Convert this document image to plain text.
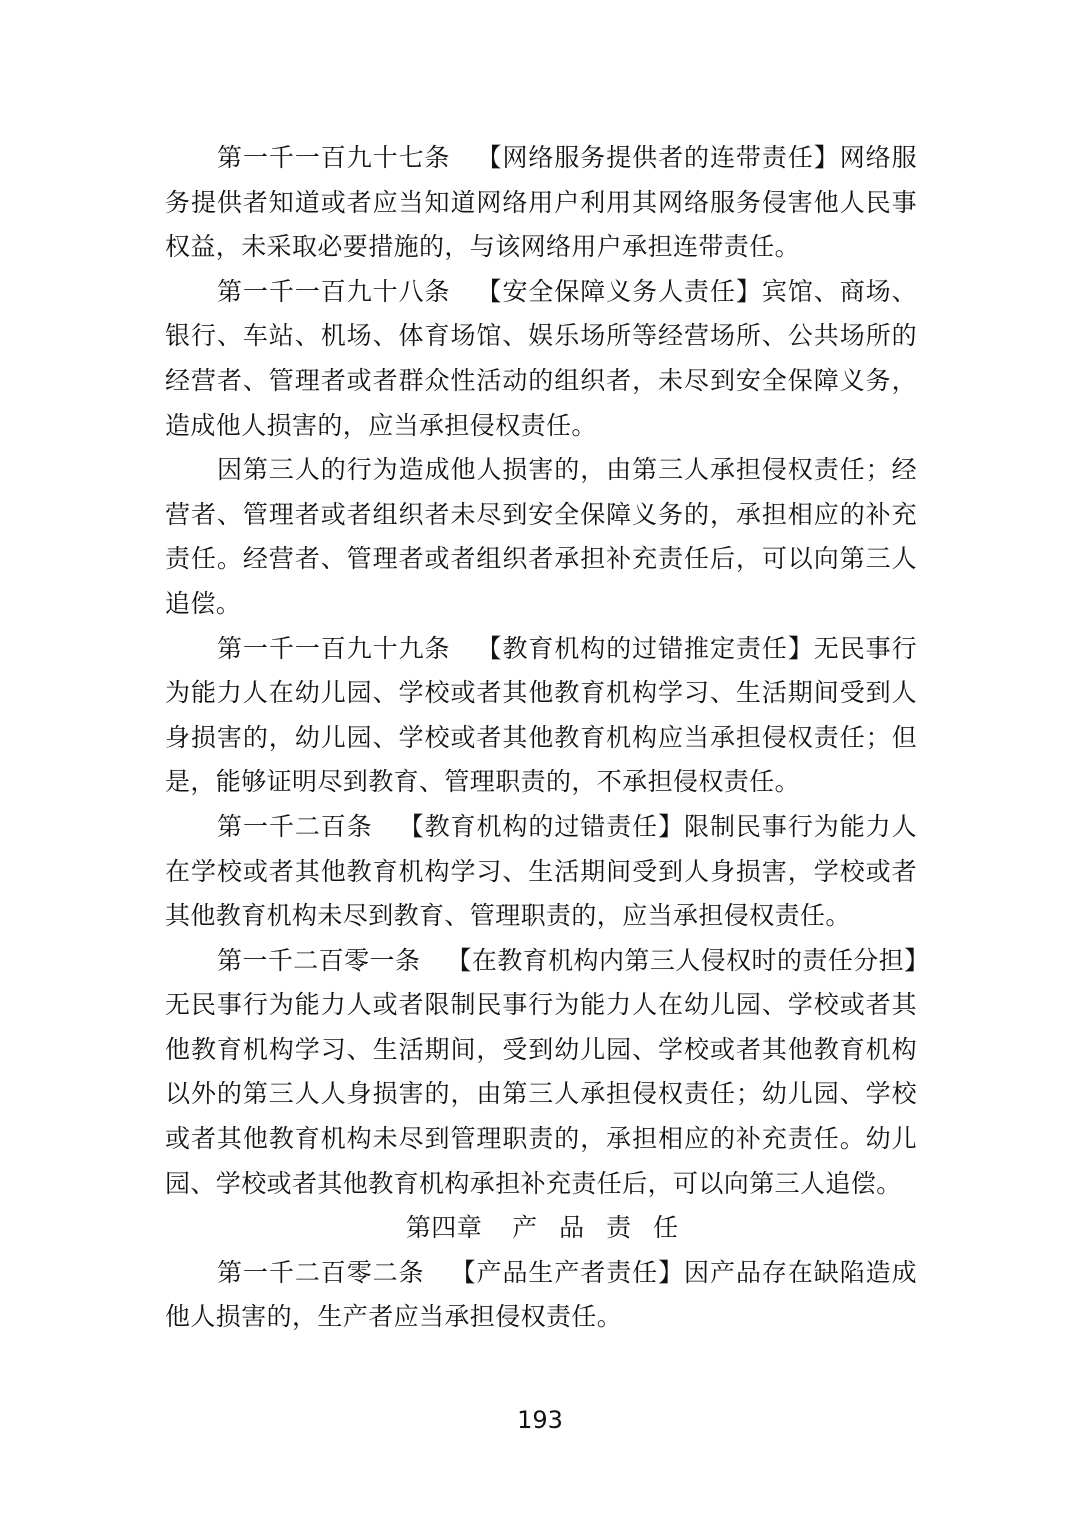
第一千一百九十七条 【网络服务提供者的连带责任】网络服务提供者知道或者应当知道网络用户利用其网络服务侵害他人民事权益，未采取必要措施的，与该网络用户承担连带责任。

第一千一百九十八条 【安全保障义务人责任】宾馆、商场、银行、车站、机场、体育场馆、娱乐场所等经营场所、公共场所的经营者、管理者或者群众性活动的组织者，未尽到安全保障义务，造成他人损害的，应当承担侵权责任。

因第三人的行为造成他人损害的，由第三人承担侵权责任；经营者、管理者或者组织者未尽到安全保障义务的，承担相应的补充责任。经营者、管理者或者组织者承担补充责任后，可以向第三人追偿。

第一千一百九十九条 【教育机构的过错推定责任】无民事行为能力人在幼儿园、学校或者其他教育机构学习、生活期间受到人身损害的，幼儿园、学校或者其他教育机构应当承担侵权责任；但是，能够证明尽到教育、管理职责的，不承担侵权责任。

第一千二百条 【教育机构的过错责任】限制民事行为能力人在学校或者其他教育机构学习、生活期间受到人身损害，学校或者其他教育机构未尽到教育、管理职责的，应当承担侵权责任。

第一千二百零一条 【在教育机构内第三人侵权时的责任分担】无民事行为能力人或者限制民事行为能力人在幼儿园、学校或者其他教育机构学习、生活期间，受到幼儿园、学校或者其他教育机构以外的第三人人身损害的，由第三人承担侵权责任；幼儿园、学校或者其他教育机构未尽到管理职责的，承担相应的补充责任。幼儿园、学校或者其他教育机构承担补充责任后，可以向第三人追偿。

第四章 产品责任

第一千二百零二条 【产品生产者责任】因产品存在缺陷造成他人损害的，生产者应当承担侵权责任。

193
